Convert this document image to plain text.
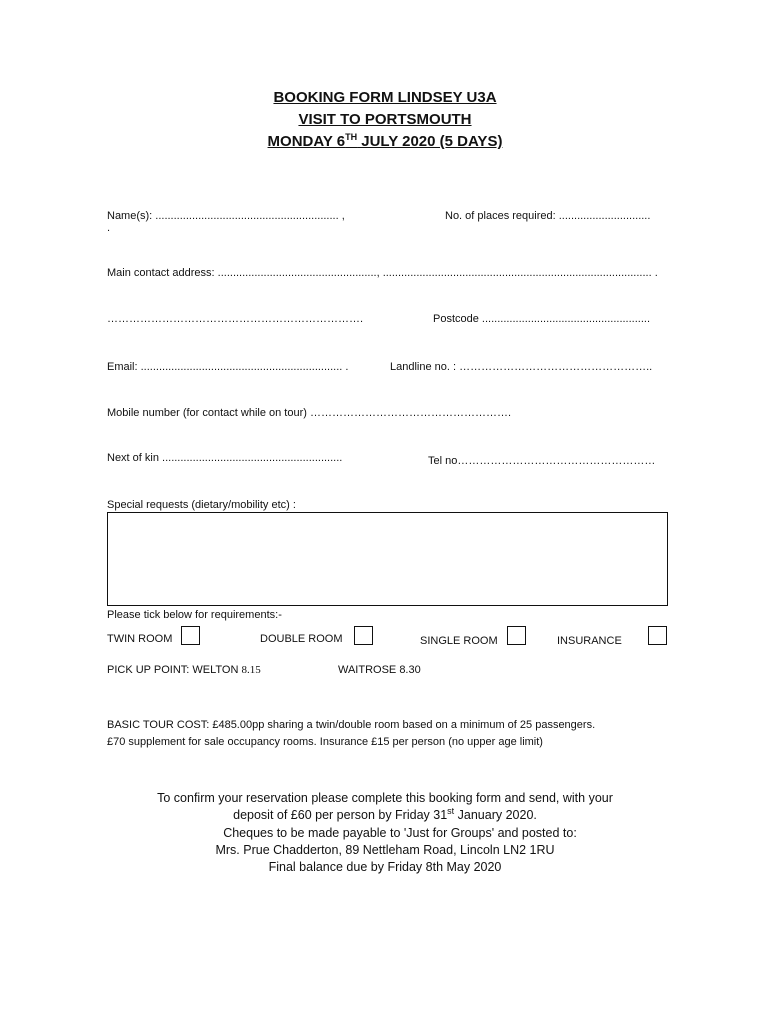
BOOKING FORM LINDSEY U3A
VISIT TO PORTSMOUTH
MONDAY 6TH JULY 2020 (5 DAYS)
Name(s): ............................................................ ,
.
No. of places required: ..............................
Main contact address: ...................................................., ........................................................................................ .
…………………………………………………………….	Postcode .......................................................
Email: .................................................................. .	Landline no. : ……………………………………………..
Mobile number (for contact while on tour) ……………………………………………….
Next of kin ...........................................................	Tel no………………………………………………
Special requests (dietary/mobility etc) :
Please tick below for requirements:-
TWIN ROOM	DOUBLE ROOM	SINGLE ROOM	INSURANCE
PICK UP POINT: WELTON 8.15	WAITROSE 8.30
BASIC TOUR COST: £485.00pp sharing a twin/double room based on a minimum of 25 passengers.
£70 supplement for sale occupancy rooms. Insurance £15 per person (no upper age limit)
To confirm your reservation please complete this booking form and send, with your
deposit of £60 per person by Friday 31st January 2020.
Cheques to be made payable to 'Just for Groups' and posted to:
Mrs. Prue Chadderton, 89 Nettleham Road, Lincoln LN2 1RU
Final balance due by Friday 8th May 2020
